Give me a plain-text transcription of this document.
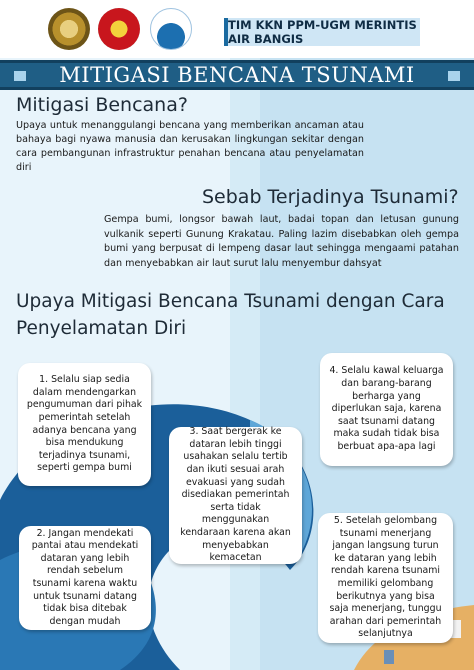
TIM KKN PPM-UGM MERINTIS AIR BANGIS
MITIGASI BENCANA TSUNAMI
Mitigasi Bencana?
Upaya untuk menanggulangi bencana yang memberikan ancaman atau bahaya bagi nyawa manusia dan kerusakan lingkungan sekitar dengan cara pembangunan infrastruktur penahan bencana atau penyelamatan diri
Sebab Terjadinya Tsunami?
Gempa bumi, longsor bawah laut, badai topan dan letusan gunung vulkanik seperti Gunung Krakatau. Paling lazim disebabkan oleh gempa bumi yang berpusat di lempeng dasar laut sehingga mengaami patahan dan menyebabkan air laut surut lalu menyembur dahsyat
Upaya Mitigasi Bencana Tsunami dengan Cara Penyelamatan Diri
1. Selalu siap sedia dalam mendengarkan pengumuman dari pihak pemerintah setelah adanya bencana yang bisa mendukung terjadinya tsunami, seperti gempa bumi
2. Jangan mendekati pantai atau mendekati dataran yang lebih rendah sebelum tsunami karena waktu untuk tsunami datang tidak bisa ditebak dengan mudah
3. Saat bergerak ke dataran lebih tinggi usahakan selalu tertib dan ikuti sesuai arah evakuasi yang sudah disediakan pemerintah serta tidak menggunakan kendaraan karena akan menyebabkan kemacetan
4. Selalu kawal keluarga dan barang-barang berharga yang diperlukan saja, karena saat tsunami datang maka sudah tidak bisa berbuat apa-apa lagi
5. Setelah gelombang tsunami menerjang jangan langsung turun ke dataran yang lebih rendah karena tsunami memiliki gelombang berikutnya yang bisa saja menerjang, tunggu arahan dari pemerintah selanjutnya
